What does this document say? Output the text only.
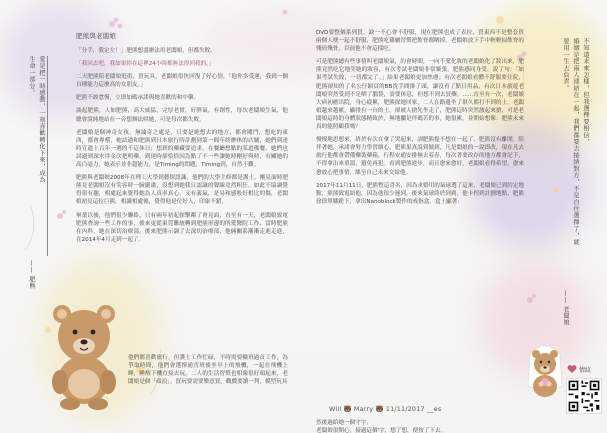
愛是把一時感動，一刻喜歡轉化下來，成為生命一部分。
—— 肥熊
不知道未來怎樣，但我選擇要相信，
婚姻是把兩人連結在一起，我們都要去接納對方，不是自住選擇了，就要用一生去負責。
—— 老闆娘
肥熊與老闆娘

「分手，我定左！」肥熊想盡辦法用老闆娘，但都失敗。

「我回去吧，我如果你在這裡24小時都無法得回我的。」

二天肥熊陪老闆娘逛街，買玩具，老闆娘很快回復了好心情，「他你多受運，我到一個自種能力這麼高的女朋友。」

肥熊不敢怠慢，立即加碼承諾與她喜歡的和中藥。

談起肥熊，人如肥熊，高大威猛，完厚老實，好胖氣，有創性，每次老闆娘生氣，他總會說純地站在一旁想辦法哄她，可是每次都失敗。

老闆娘是個神奇女孩，無論奇之處是，只要是她想去的地方，都會闖門，想吃的東西，都會專嚐，她試過和肥熊到日本旅行時計劃到第一間年終辦休的店鋪，她們到達時宣遺上百年一遇的不這休日；想到的藥藏要追求，在餐廳想點的某道佛餐，她們也試過到深水埗金次把明藥，到達時卻恰恰因為點了不一些讓她時剛好與時，有關她的高白毫力，她表示並非超能力，是Timing的問題，Timing到，自然不難。

肥熊與老闆娘2008年在理工大學到藝探認識，他們的大學主修都是護士，剛見面時肥熊見老闆娘沒有笑容時一臉嚴肅，沒想到她我日認識的聲線竟然粗狂，如此不協調覺得很有趣，相處起來覺得她為人真率真心，又有義氣，是易和感般好相比的傷，老闆娘初見這位巨熊，相識相處後，覺得他是位好人，印象不錯。

畢業以後，他們很少聯絡，只有兩年初起探擊鄰了會見面，直至有一天，老闆娘致電肥熊查詢一些工作的事，後來更從東莞難統轉到肥熊形邊的所愛醫院工作，當時肥熊在內科，她在深切治療部，後來肥熊示調了去深切治療部，他倆關系漸漸走進走進，在2014年4月走到一起了。

他們都喜歡旅行，但護士工作忙碌，不時需要輪班過首工作，為爭取時間，他們會選擇通宵班後坐早上的飛機，一起在飛機上睡，睡醒下機直接去玩，二人的生活習慣也相像很好頭起來，老闆娘是個「頑浪」，買玩要需要樂意買，觀戲要讀一判，模型玩具

DVD要整個系列買，缺一不心會不舒服，現在肥熊也成了表拉，買東西不是整套買兩個人便一起不舒服，肥熊吃雞屬習慣把飲脊都晒掉，老闆娘放下手中輕輕掃飲脊的殘屑殘骨，以前他不會這樣吃。

可是肥熊總有些事情叫老闆娘氣，約會時間，一向不愛化妝的老闆娘化了妝出來，肥熊竟然吃它地笑她的妝容，有次考試老闆娘非常緊張，肥熊感同身受，說了句：「如果考試失敗，一切都完了。」結果老闆娘更加焦慮；有次老闆娘看體不舒服要住院，肥熊卻知的了名公仔網頁的BB洗手間掛了頭，讓沒看了點日用品，有次日本旅遊老闆娘突然受到不足晒了腦袋，需要休息，但想不到去買藥，......直至有一次，老闆娘大病初癒出院，身心疲累，肥熊探她回家，二人在路邊坐了很久都打不到的士，老闆娘越來越累，顯排有一台的士，卻被人搶先坐走了，肥熊這時突然激起來搶，可是老闆娘這時的身體狀態精致於，無地攔是伴碼苦的事，她很累，並開始想像：肥熊未來真的能照顧我嗎？

慢慢地思想來，終於有次在拿了哭起來，訓肥熊提不想在一起了，肥熊沒有離開，陪伴著她，承諾會努力學習細心，肥熊果真說到做到，凡是闆娘的一說即改，現在凡去旅行他都會帶備藥裝藥箱，行程安通安排無去着春，每次著要改存的地方都會記下，不得拿出來重溫，避免再犯。看到肥熊進步，而且愈來愈好，老闆娘看得希望，愈來愈放心把事情，絲至自己未來交給他。

2017年11月11日，肥熊暫這喜名，因為求婚用的氣球選了這來，老闆娘已到約定地點，熊熊致電給他，因為他很少遲到，後來氣球終於到到，他卡捏到計劃地點，肥熊徐徐單膝跪下，拿出Nanoblock製作的戒指盒，盒上顯著：

Will 🐻 Marry 🐻 11/11/2017 __es

然後過給她一個守字，

老闆娘很開心，接過這個'字，想了想，便按了下去。

情紋
